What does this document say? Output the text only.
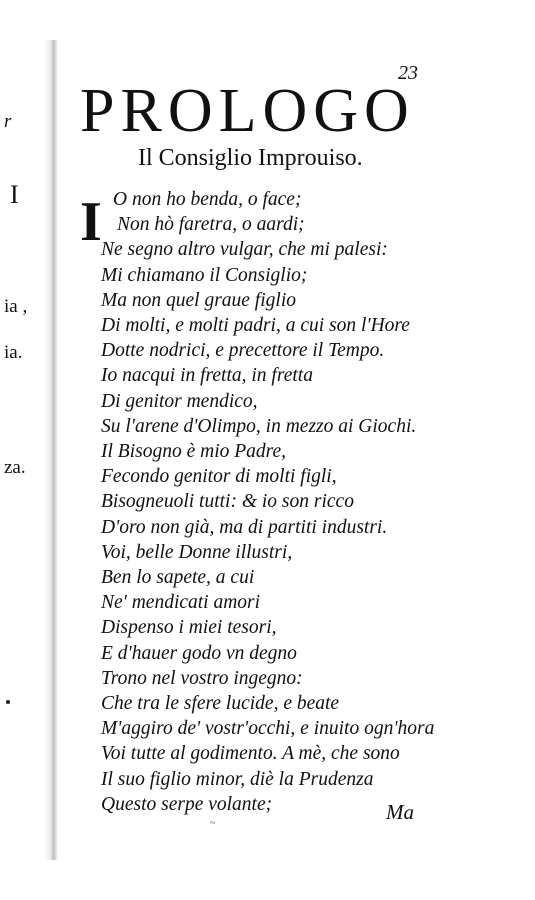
r
I
ia ,
ia.
za.
23
PROLOGO
Il Consiglio Improuiso.
I O non ho benda, o face;
Non hò faretra, o aardi;
Ne segno altro vulgar, che mi palesi:
Mi chiamano il Consiglio;
Ma non quel graue figlio
Di molti, e molti padri, a cui son l'Hore
Dotte nodrici, e precettore il Tempo.
Io nacqui in fretta, in fretta
Di genitor mendico,
Su l'arene d'Olimpo, in mezzo ai Giochi.
Il Bisogno è mio Padre,
Fecondo genitor di molti figli,
Bisogneuoli tutti: & io son ricco
D'oro non già, ma di partiti industri.
Voi, belle Donne illustri,
Ben lo sapete, a cui
Ne' mendicati amori
Dispenso i miei tesori,
E d'hauer godo vn degno
Trono nel vostro ingegno:
Che tra le sfere lucide, e beate
M'aggiro de' vostr'occhi, e inuito ogn'hora
Voi tutte al godimento. A mè, che sono
Il suo figlio minor, diè la Prudenza
Questo serpe volante;
~	Ma
